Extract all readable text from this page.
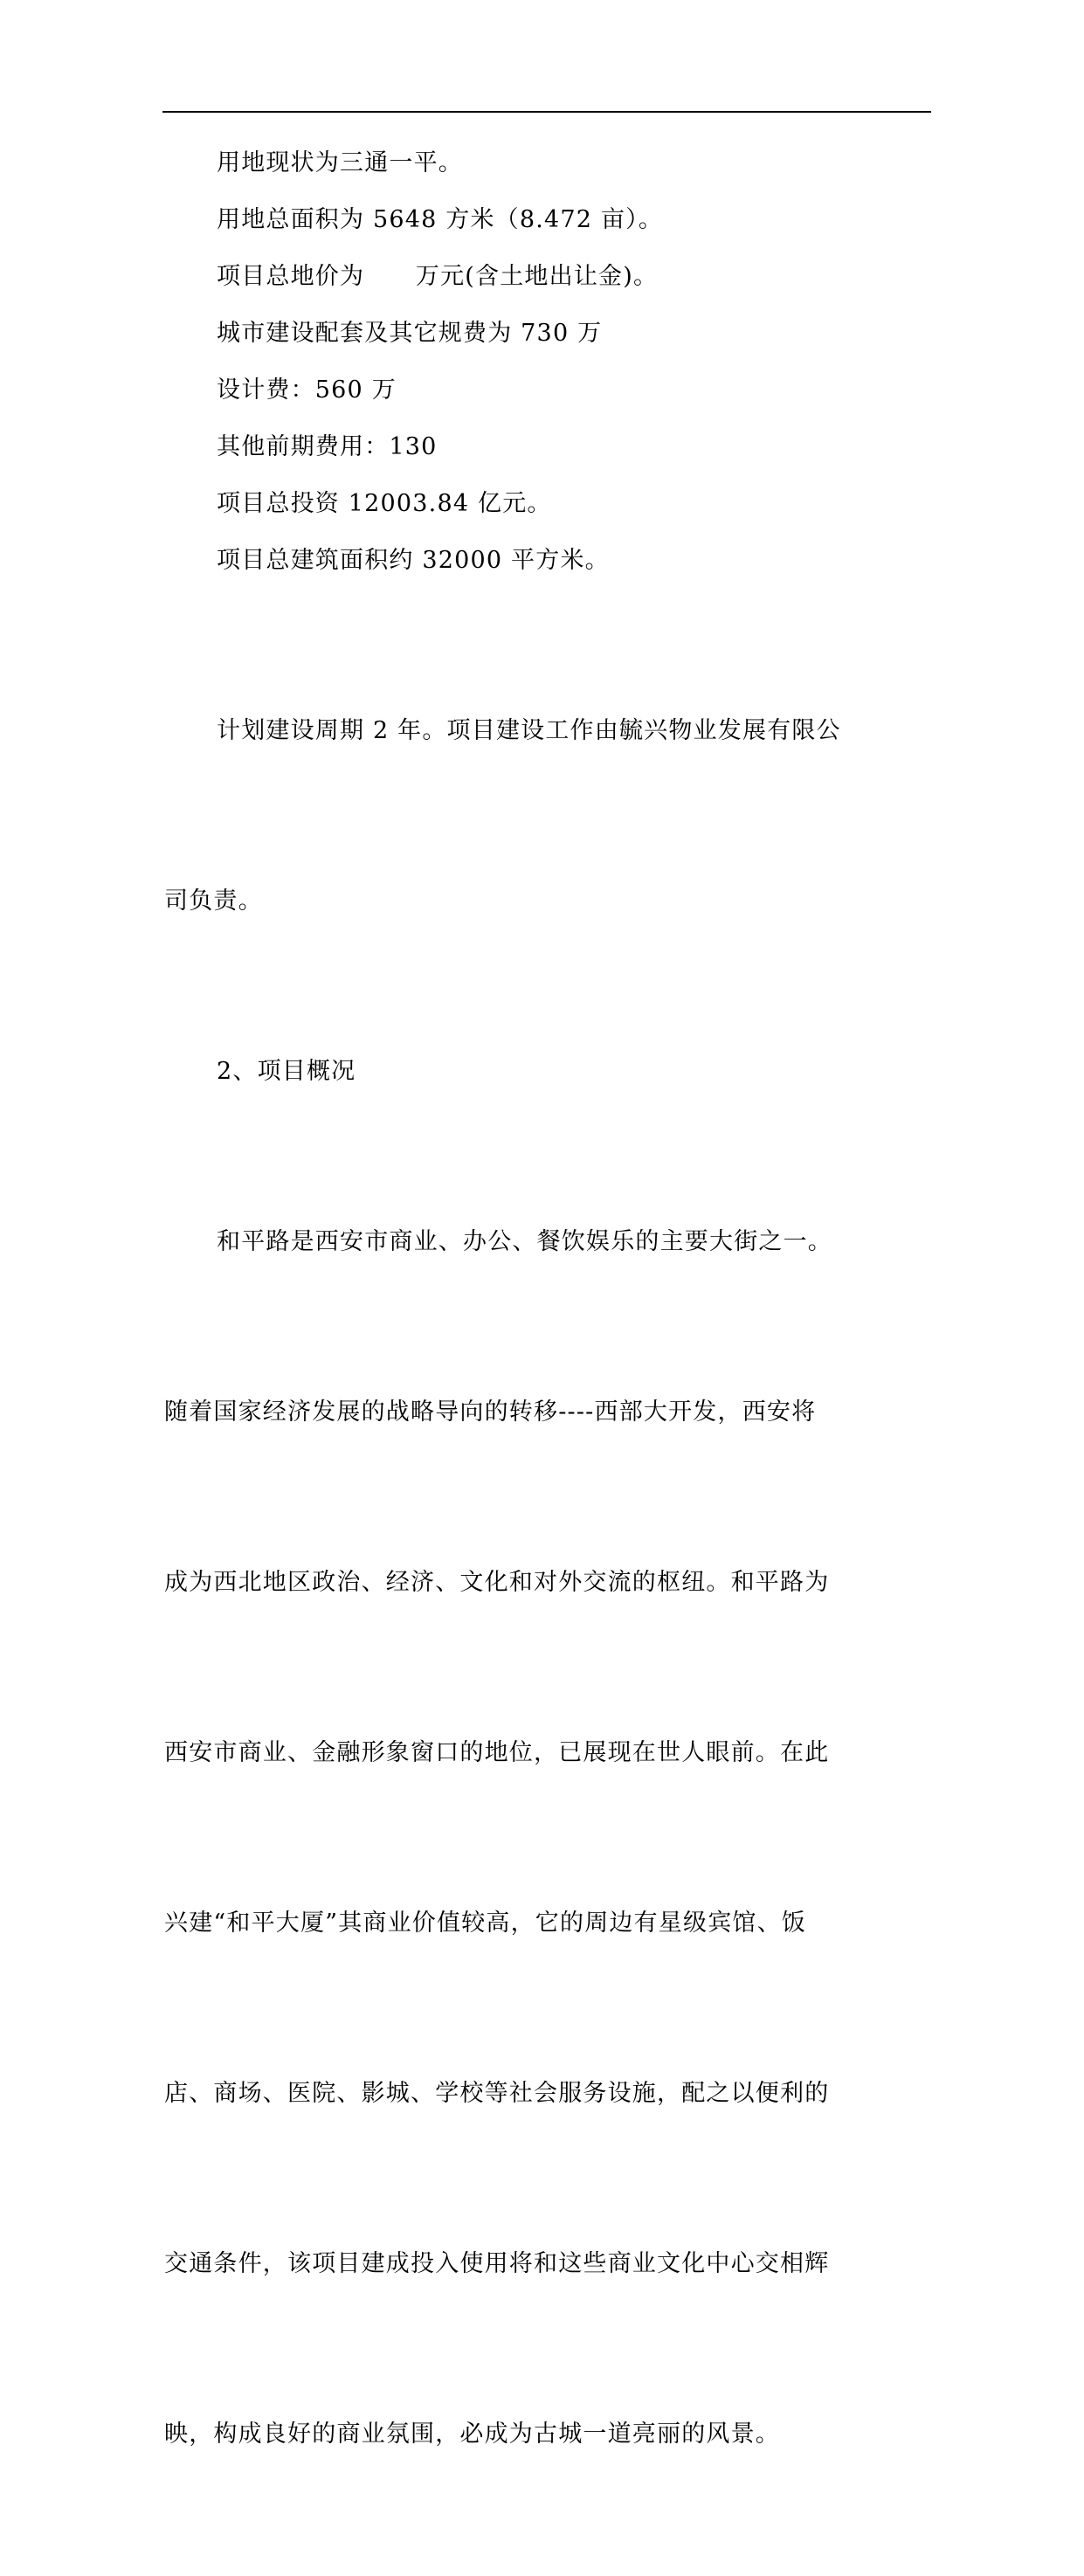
用地现状为三通一平。
用地总面积为 5648 方米（8.472 亩）。
项目总地价为      万元(含土地出让金)。
城市建设配套及其它规费为 730 万
设计费：560 万
其他前期费用：130
项目总投资 12003.84 亿元。
项目总建筑面积约 32000 平方米。

计划建设周期 2 年。项目建设工作由毓兴物业发展有限公

司负责。

2、项目概况

和平路是西安市商业、办公、餐饮娱乐的主要大街之一。

随着国家经济发展的战略导向的转移----西部大开发，西安将

成为西北地区政治、经济、文化和对外交流的枢纽。和平路为

西安市商业、金融形象窗口的地位，已展现在世人眼前。在此

兴建“和平大厦”其商业价值较高，它的周边有星级宾馆、饭

店、商场、医院、影城、学校等社会服务设施，配之以便利的

交通条件，该项目建成投入使用将和这些商业文化中心交相辉

映，构成良好的商业氛围，必成为古城一道亮丽的风景。
